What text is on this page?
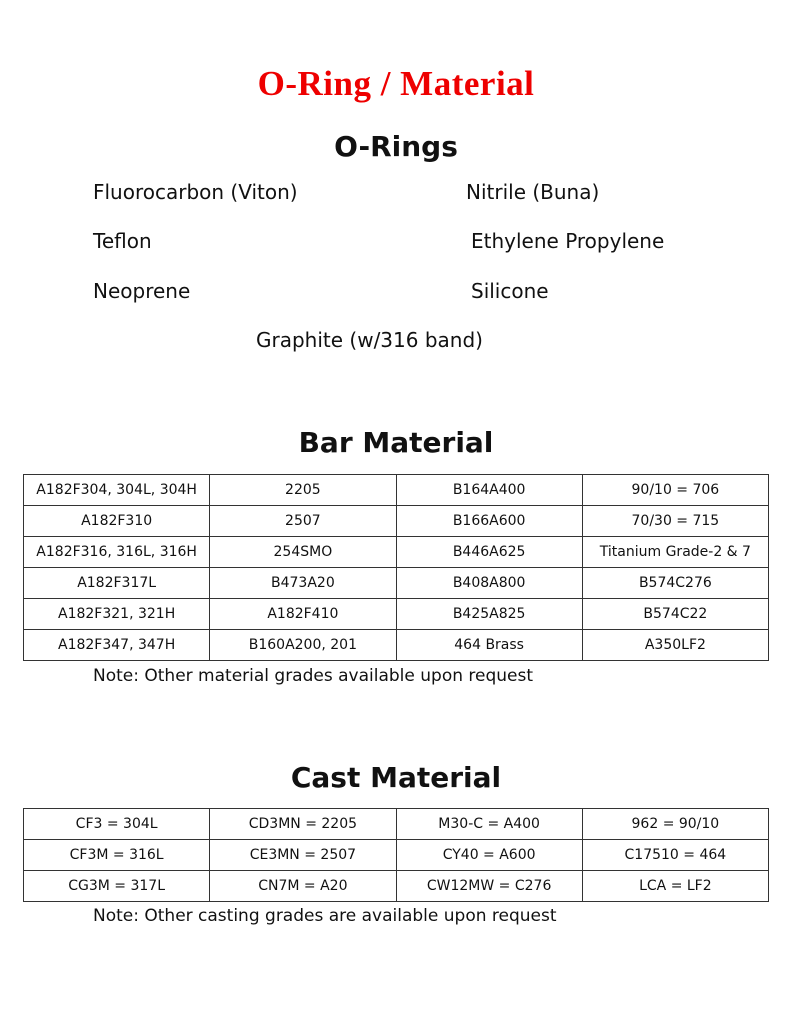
O-Ring / Material
O-Rings
Fluorocarbon (Viton)	Nitrile (Buna)
Teflon	Ethylene Propylene
Neoprene	Silicone
Graphite (w/316 band)
Bar Material
A182F304, 304L, 304H	2205	B164A400	90/10 = 706
A182F310	2507	B166A600	70/30 = 715
A182F316, 316L, 316H	254SMO	B446A625	Titanium Grade-2 & 7
A182F317L	B473A20	B408A800	B574C276
A182F321, 321H	A182F410	B425A825	B574C22
A182F347, 347H	B160A200, 201	464 Brass	A350LF2
Note: Other material grades available upon request
Cast Material
CF3 = 304L	CD3MN = 2205	M30-C = A400	962 = 90/10
CF3M = 316L	CE3MN = 2507	CY40 = A600	C17510 = 464
CG3M = 317L	CN7M = A20	CW12MW = C276	LCA = LF2
Note: Other casting grades are available upon request
